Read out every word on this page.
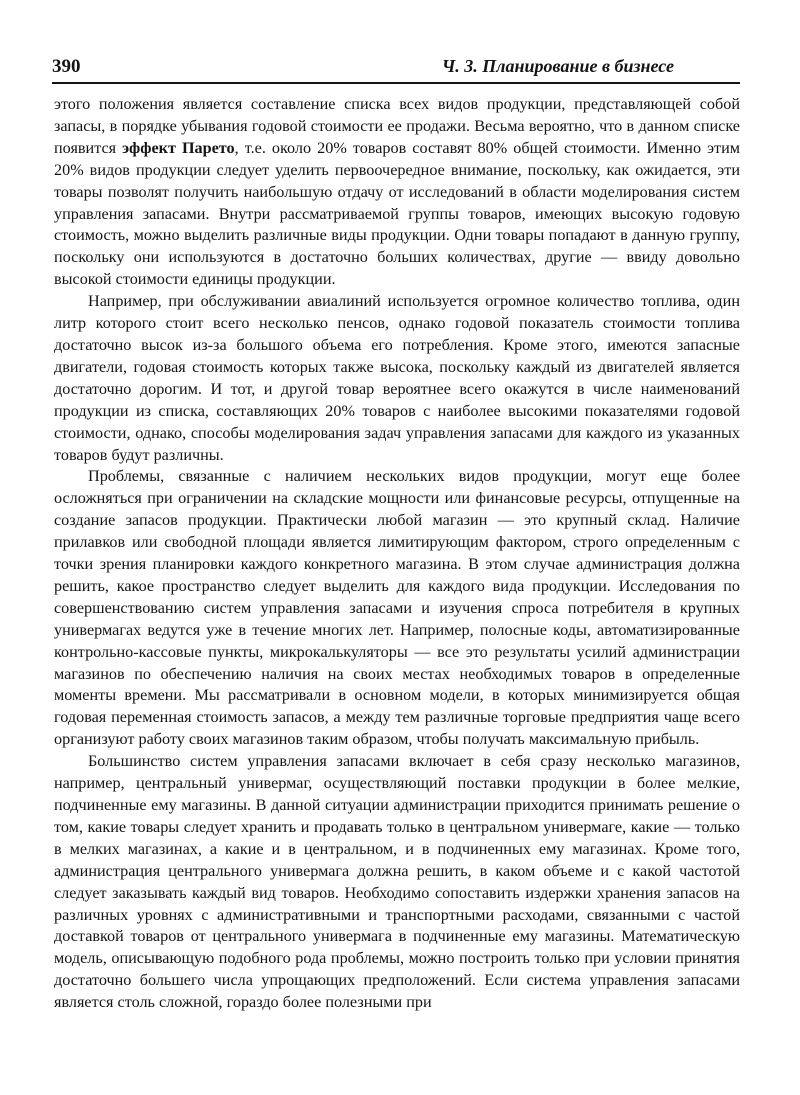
390	Ч. 3. Планирование в бизнесе

этого положения является составление списка всех видов продукции, представляющей собой запасы, в порядке убывания годовой стоимости ее продажи. Весьма вероятно, что в данном списке появится эффект Парето, т.е. около 20% товаров составят 80% общей стоимости. Именно этим 20% видов продукции следует уделить первоочередное внимание, поскольку, как ожидается, эти товары позволят получить наибольшую отдачу от исследований в области моделирования систем управления запасами. Внутри рассматриваемой группы товаров, имеющих высокую годовую стоимость, можно выделить различные виды продукции. Одни товары попадают в данную группу, поскольку они используются в достаточно больших количествах, другие — ввиду довольно высокой стоимости единицы продукции.

Например, при обслуживании авиалиний используется огромное количество топлива, один литр которого стоит всего несколько пенсов, однако годовой показатель стоимости топлива достаточно высок из-за большого объема его потребления. Кроме этого, имеются запасные двигатели, годовая стоимость которых также высока, поскольку каждый из двигателей является достаточно дорогим. И тот, и другой товар вероятнее всего окажутся в числе наименований продукции из списка, составляющих 20% товаров с наиболее высокими показателями годовой стоимости, однако, способы моделирования задач управления запасами для каждого из указанных товаров будут различны.

Проблемы, связанные с наличием нескольких видов продукции, могут еще более осложняться при ограничении на складские мощности или финансовые ресурсы, отпущенные на создание запасов продукции. Практически любой магазин — это крупный склад. Наличие прилавков или свободной площади является лимитирующим фактором, строго определенным с точки зрения планировки каждого конкретного магазина. В этом случае администрация должна решить, какое пространство следует выделить для каждого вида продукции. Исследования по совершенствованию систем управления запасами и изучения спроса потребителя в крупных универмагах ведутся уже в течение многих лет. Например, полосные коды, автоматизированные контрольно-кассовые пункты, микрокалькуляторы — все это результаты усилий администрации магазинов по обеспечению наличия на своих местах необходимых товаров в определенные моменты времени. Мы рассматривали в основном модели, в которых минимизируется общая годовая переменная стоимость запасов, а между тем различные торговые предприятия чаще всего организуют работу своих магазинов таким образом, чтобы получать максимальную прибыль.

Большинство систем управления запасами включает в себя сразу несколько магазинов, например, центральный универмаг, осуществляющий поставки продукции в более мелкие, подчиненные ему магазины. В данной ситуации администрации приходится принимать решение о том, какие товары следует хранить и продавать только в центральном универмаге, какие — только в мелких магазинах, а какие и в центральном, и в подчиненных ему магазинах. Кроме того, администрация центрального универмага должна решить, в каком объеме и с какой частотой следует заказывать каждый вид товаров. Необходимо сопоставить издержки хранения запасов на различных уровнях с административными и транспортными расходами, связанными с частой доставкой товаров от центрального универмага в подчиненные ему магазины. Математическую модель, описывающую подобного рода проблемы, можно построить только при условии принятия достаточно большего числа упрощающих предположений. Если система управления запасами является столь сложной, гораздо более полезными при
